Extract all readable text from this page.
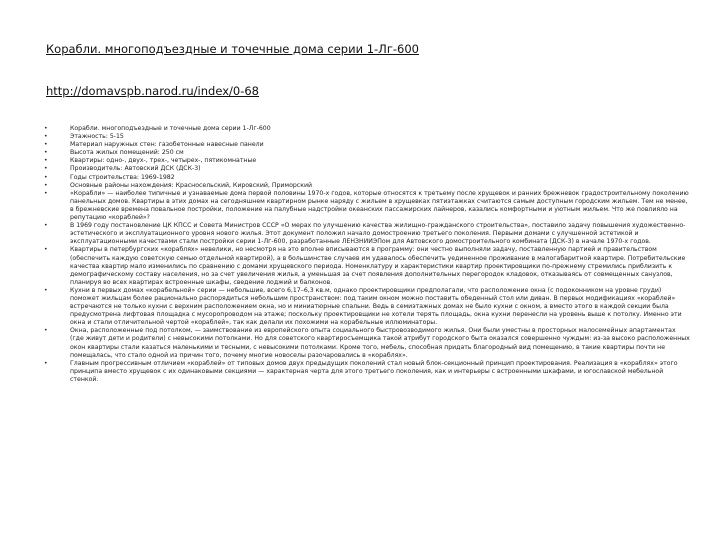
Корабли. многоподъездные и точечные дома серии 1-Лг-600
http://domavspb.narod.ru/index/0-68
• Корабли. многоподъездные и точечные дома серии 1-Лг-600
• Этажность: 5-15
• Материал наружных стен: газобетонные навесные панели
• Высота жилых помещений: 250 см
• Квартиры: одно-, двух-, трех-, четырех-, пятикомнатные
• Производитель: Автовский ДСК (ДСК-3)
• Годы строительства: 1969-1982
• Основные районы нахождения: Красносельский, Кировский, Приморский
• «Корабли» — наиболее типичные и узнаваемые дома первой половины 1970-х годов, которые относятся к третьему после хрущевок и ранних брежневок градостроительному поколению панельных домов. Квартиры в этих домах на сегодняшнем квартирном рынке наряду с жильем в хрущевках пятиэтажках считаются самым доступным городским жильем. Тем не менее, в брежневские времена повальное постройки, положение на палубные надстройки океанских пассажирских лайнеров, казались комфортными и уютным жильем. Что же повлияло на репутацию «кораблей»?
• В 1969 году постановление ЦК КПСС и Совета Министров СССР «О мерах по улучшению качества жилищно-гражданского строительства», поставило задачу повышения художественно-эстетического и эксплуатационного уровня нового жилья. Этот документ положил начало домостроению третьего поколения. Первыми домами с улучшенной эстетикой и эксплуатационными качествами стали постройки серии 1-Лг-600, разработанные ЛЕНЗНИИЭПом для Автовского домостроительного комбината (ДСК-3) в начале 1970-х годов.
• Квартиры в петербургских «кораблях» невелики, но несмотря на это вполне вписываются в программу: они честно выполняли задачу, поставленную партией и правительством (обеспечить каждую советскую семью отдельной квартирой), а в большинстве случаев им удавалось обеспечить уединенное проживание в малогабаритной квартире. Потребительские качества квартир мало изменились по сравнению с домами хрущевского периода. Номенклатуру и характеристики квартир проектировщики по-прежнему стремились приблизить к демографическому составу населения, но за счет увеличения жилья, а уменьшая за счет появления дополнительных перегородок кладовок, отказываясь от совмещенных санузлов, планируя во всех квартирах встроенные шкафы, сведение лоджий и балконов.
• Кухни в первых домах «корабельной» серии — небольшие, всего 6,17–6,3 кв.м, однако проектировщики предполагали, что расположение окна (с подоконником на уровне груди) поможет жильцам более рационально распорядиться небольшим пространством: под таким окном можно поставить обеденный стол или диван. В первых модификациях «кораблей» встречаются не только кухни с верхним расположением окна, но и миниатюрные спальни. Ведь в семиэтажных домах не было кухни с окном, а вместо этого в каждой секции была предусмотрена лифтовая площадка с мусоропроводом на этаже; поскольку проектировщики не хотели терять площадь, окна кухни перенесли на уровень выше к потолку. Именно эти окна и стали отличительной чертой «кораблей», так как делали их похожими на корабельные иллюминаторы.
• Окна, расположенные под потолком, — заимствование из европейского опыта социального быстровозводимого жилья. Они были уместны в просторных малосемейных апартаментах (где живут дети и родители) с невысокими потолками. Но для советского квартиросъемщика такой атрибут городского быта оказался совершенно чуждым: из-за высоко расположенных окон квартиры стали казаться маленькими и тесными, с невысокими потолками. Кроме того, мебель, способная придать благородный вид помещению, в такие квартиры почти не помещалась, что стало одной из причин того, почему многие новоселы разочаровались в «кораблях».
• Главным прогрессивным отличием «кораблей» от типовых домов двух предыдущих поколений стал новый блок-секционный принцип проектирования. Реализация в «кораблях» этого принципа вместо хрущевок с их одинаковыми секциями — характерная черта для этого третьего поколения, как и интерьеры с встроенными шкафами, и югославской мебельной стенкой.
